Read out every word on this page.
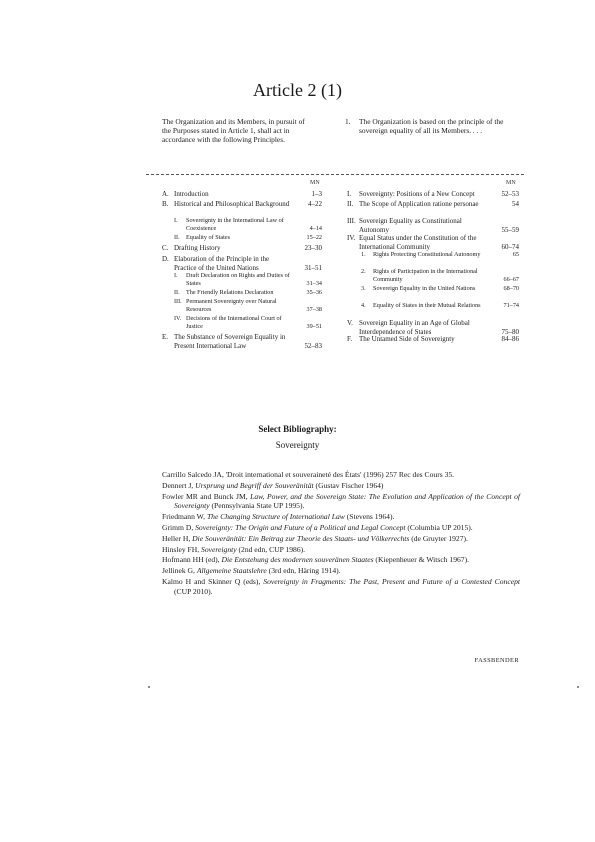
Article 2 (1)
The Organization and its Members, in pursuit of the Purposes stated in Article 1, shall act in accordance with the following Principles.
1. The Organization is based on the principle of the sovereign equality of all its Members. . . .
MN	MN
A. Introduction	1–3
B. Historical and Philosophical Background	4–22
I. Sovereignty in the International Law of Coexistence	4–14
II. Equality of States	15–22
C. Drafting History	23–30
D. Elaboration of the Principle in the Practice of the United Nations	31–51
I. Draft Declaration on Rights and Duties of States	31–34
II. The Friendly Relations Declaration	35–36
III. Permanent Sovereignty over Natural Resources	37–38
IV. Decisions of the International Court of Justice	39–51
E. The Substance of Sovereign Equality in Present International Law	52–83
I. Sovereignty: Positions of a New Concept	52–53
II. The Scope of Application ratione personae	54
III. Sovereign Equality as Constitutional Autonomy	55–59
IV. Equal Status under the Constitution of the International Community	60–74
1. Rights Protecting Constitutional Autonomy	65
2. Rights of Participation in the International Community	66–67
3. Sovereign Equality in the United Nations	68–70
4. Equality of States in their Mutual Relations	71–74
V. Sovereign Equality in an Age of Global Interdependence of States	75–80
F. The Untamed Side of Sovereignty	84–86
Select Bibliography:
Sovereignty

Carrillo Salcedo JA, 'Droit international et souveraineté des États' (1996) 257 Rec des Cours 35.

Dennert J, Ursprung und Begriff der Souveränität (Gustav Fischer 1964)

Fowler MR and Bunck JM, Law, Power, and the Sovereign State: The Evolution and Application of the Concept of Sovereignty (Pennsylvania State UP 1995).

Friedmann W, The Changing Structure of International Law (Stevens 1964).

Grimm D, Sovereignty: The Origin and Future of a Political and Legal Concept (Columbia UP 2015).

Heller H, Die Souveränität: Ein Beitrag zur Theorie des Staats- und Völkerrechts (de Gruyter 1927).

Hinsley FH, Sovereignty (2nd edn, CUP 1986).

Hofmann HH (ed), Die Entstehung des modernen souveränen Staates (Kiepenheuer & Witsch 1967).

Jellinek G, Allgemeine Staatslehre (3rd edn, Häring 1914).

Kalmo H and Skinner Q (eds), Sovereignty in Fragments: The Past, Present and Future of a Contested Concept (CUP 2010).

FASSBENDER
